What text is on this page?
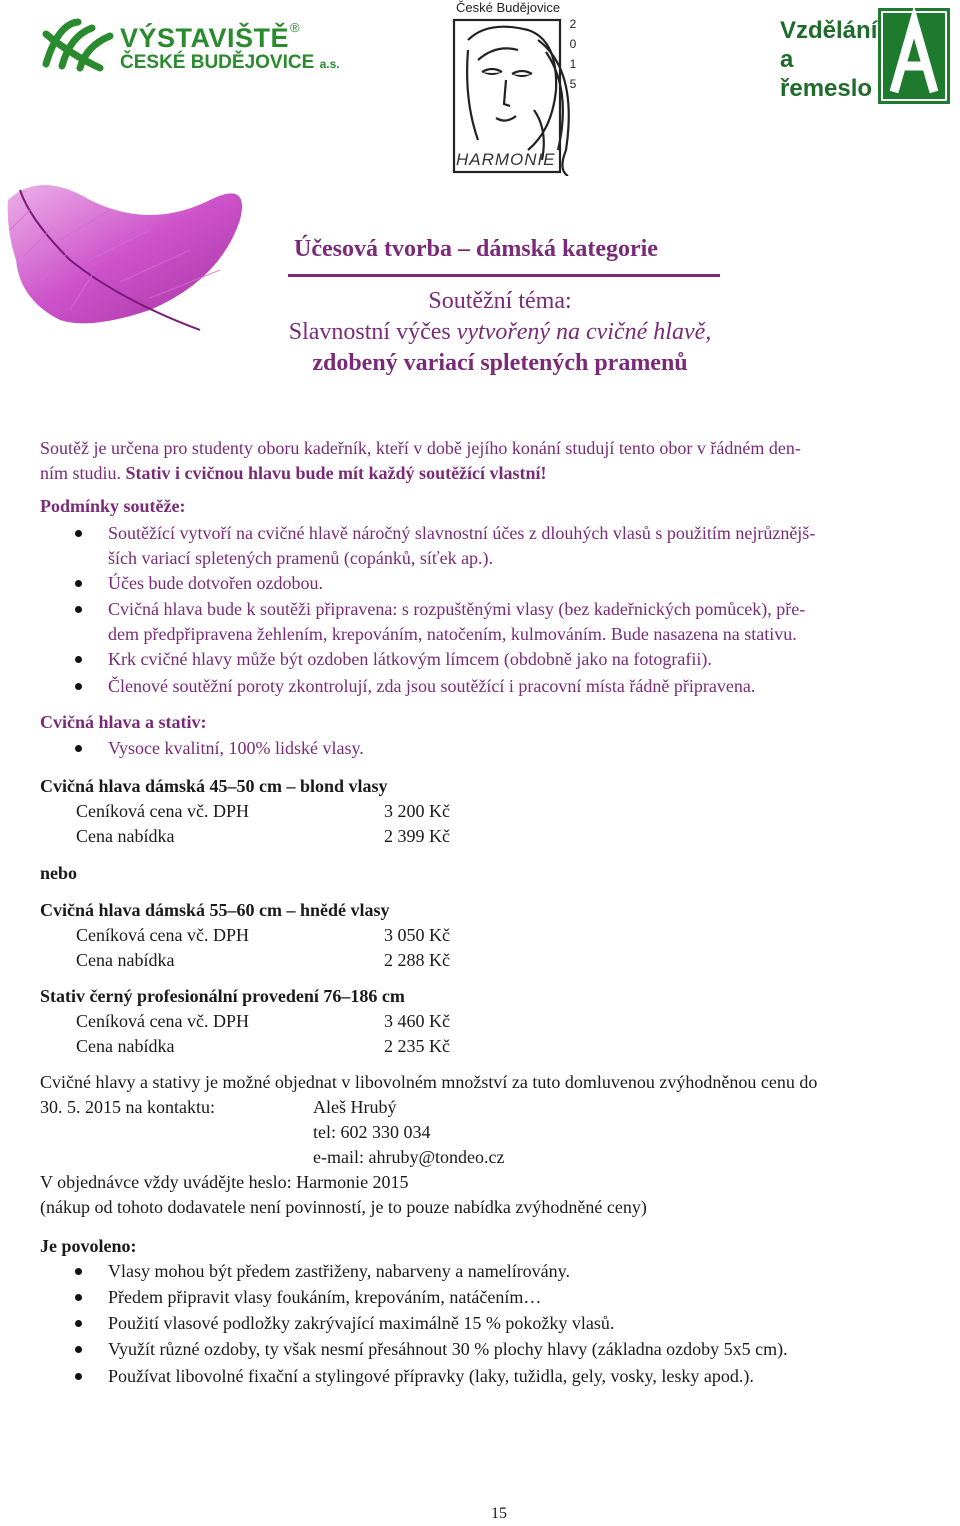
VÝSTAVIŠTĚ ®
ČESKÉ BUDĚJOVICE a.s.
České Budějovice
2
0
1
5
HARMONIE
Vzdělání
a
řemeslo
Účesová tvorba – dámská kategorie
Soutěžní téma:
Slavnostní výčes vytvořený na cvičné hlavě,
zdobený variací spletených pramenů
Soutěž je určena pro studenty oboru kadeřník, kteří v době jejího konání studují tento obor v řádném den-
ním studiu. Stativ i cvičnou hlavu bude mít každý soutěžící vlastní!
Podmínky soutěže:
Soutěžící vytvoří na cvičné hlavě náročný slavnostní účes z dlouhých vlasů s použitím nejrůznějš-
ších variací spletených pramenů (copánků, síťek ap.).
Účes bude dotvořen ozdobou.
Cvičná hlava bude k soutěži připravena: s rozpuštěnými vlasy (bez kadeřnických pomůcek), pře-
dem předpřipravena žehlením, krepováním, natočením, kulmováním. Bude nasazena na stativu.
Krk cvičné hlavy může být ozdoben látkovým límcem (obdobně jako na fotografii).
Členové soutěžní poroty zkontrolují, zda jsou soutěžící i pracovní místa řádně připravena.
Cvičná hlava a stativ:
Vysoce kvalitní, 100% lidské vlasy.
Cvičná hlava dámská 45–50 cm – blond vlasy
Ceníková cena vč. DPH	3 200 Kč
Cena nabídka	2 399 Kč
nebo
Cvičná hlava dámská 55–60 cm – hnědé vlasy
Ceníková cena vč. DPH	3 050 Kč
Cena nabídka	2 288 Kč
Stativ černý profesionální provedení 76–186 cm
Ceníková cena vč. DPH	3 460 Kč
Cena nabídka	2 235 Kč
Cvičné hlavy a stativy je možné objednat v libovolném množství za tuto domluvenou zvýhodněnou cenu do
30. 5. 2015 na kontaktu:	Aleš Hrubý
tel: 602 330 034
e-mail: ahruby@tondeo.cz
V objednávce vždy uvádějte heslo: Harmonie 2015
(nákup od tohoto dodavatele není povinností, je to pouze nabídka zvýhodněné ceny)
Je povoleno:
Vlasy mohou být předem zastřiženy, nabarveny a namelírovány.
Předem připravit vlasy foukáním, krepováním, natáčením…
Použití vlasové podložky zakrývající maximálně 15 % pokožky vlasů.
Využít různé ozdoby, ty však nesmí přesáhnout 30 % plochy hlavy (základna ozdoby 5x5 cm).
Používat libovolné fixační a stylingové přípravky (laky, tužidla, gely, vosky, lesky apod.).
15
